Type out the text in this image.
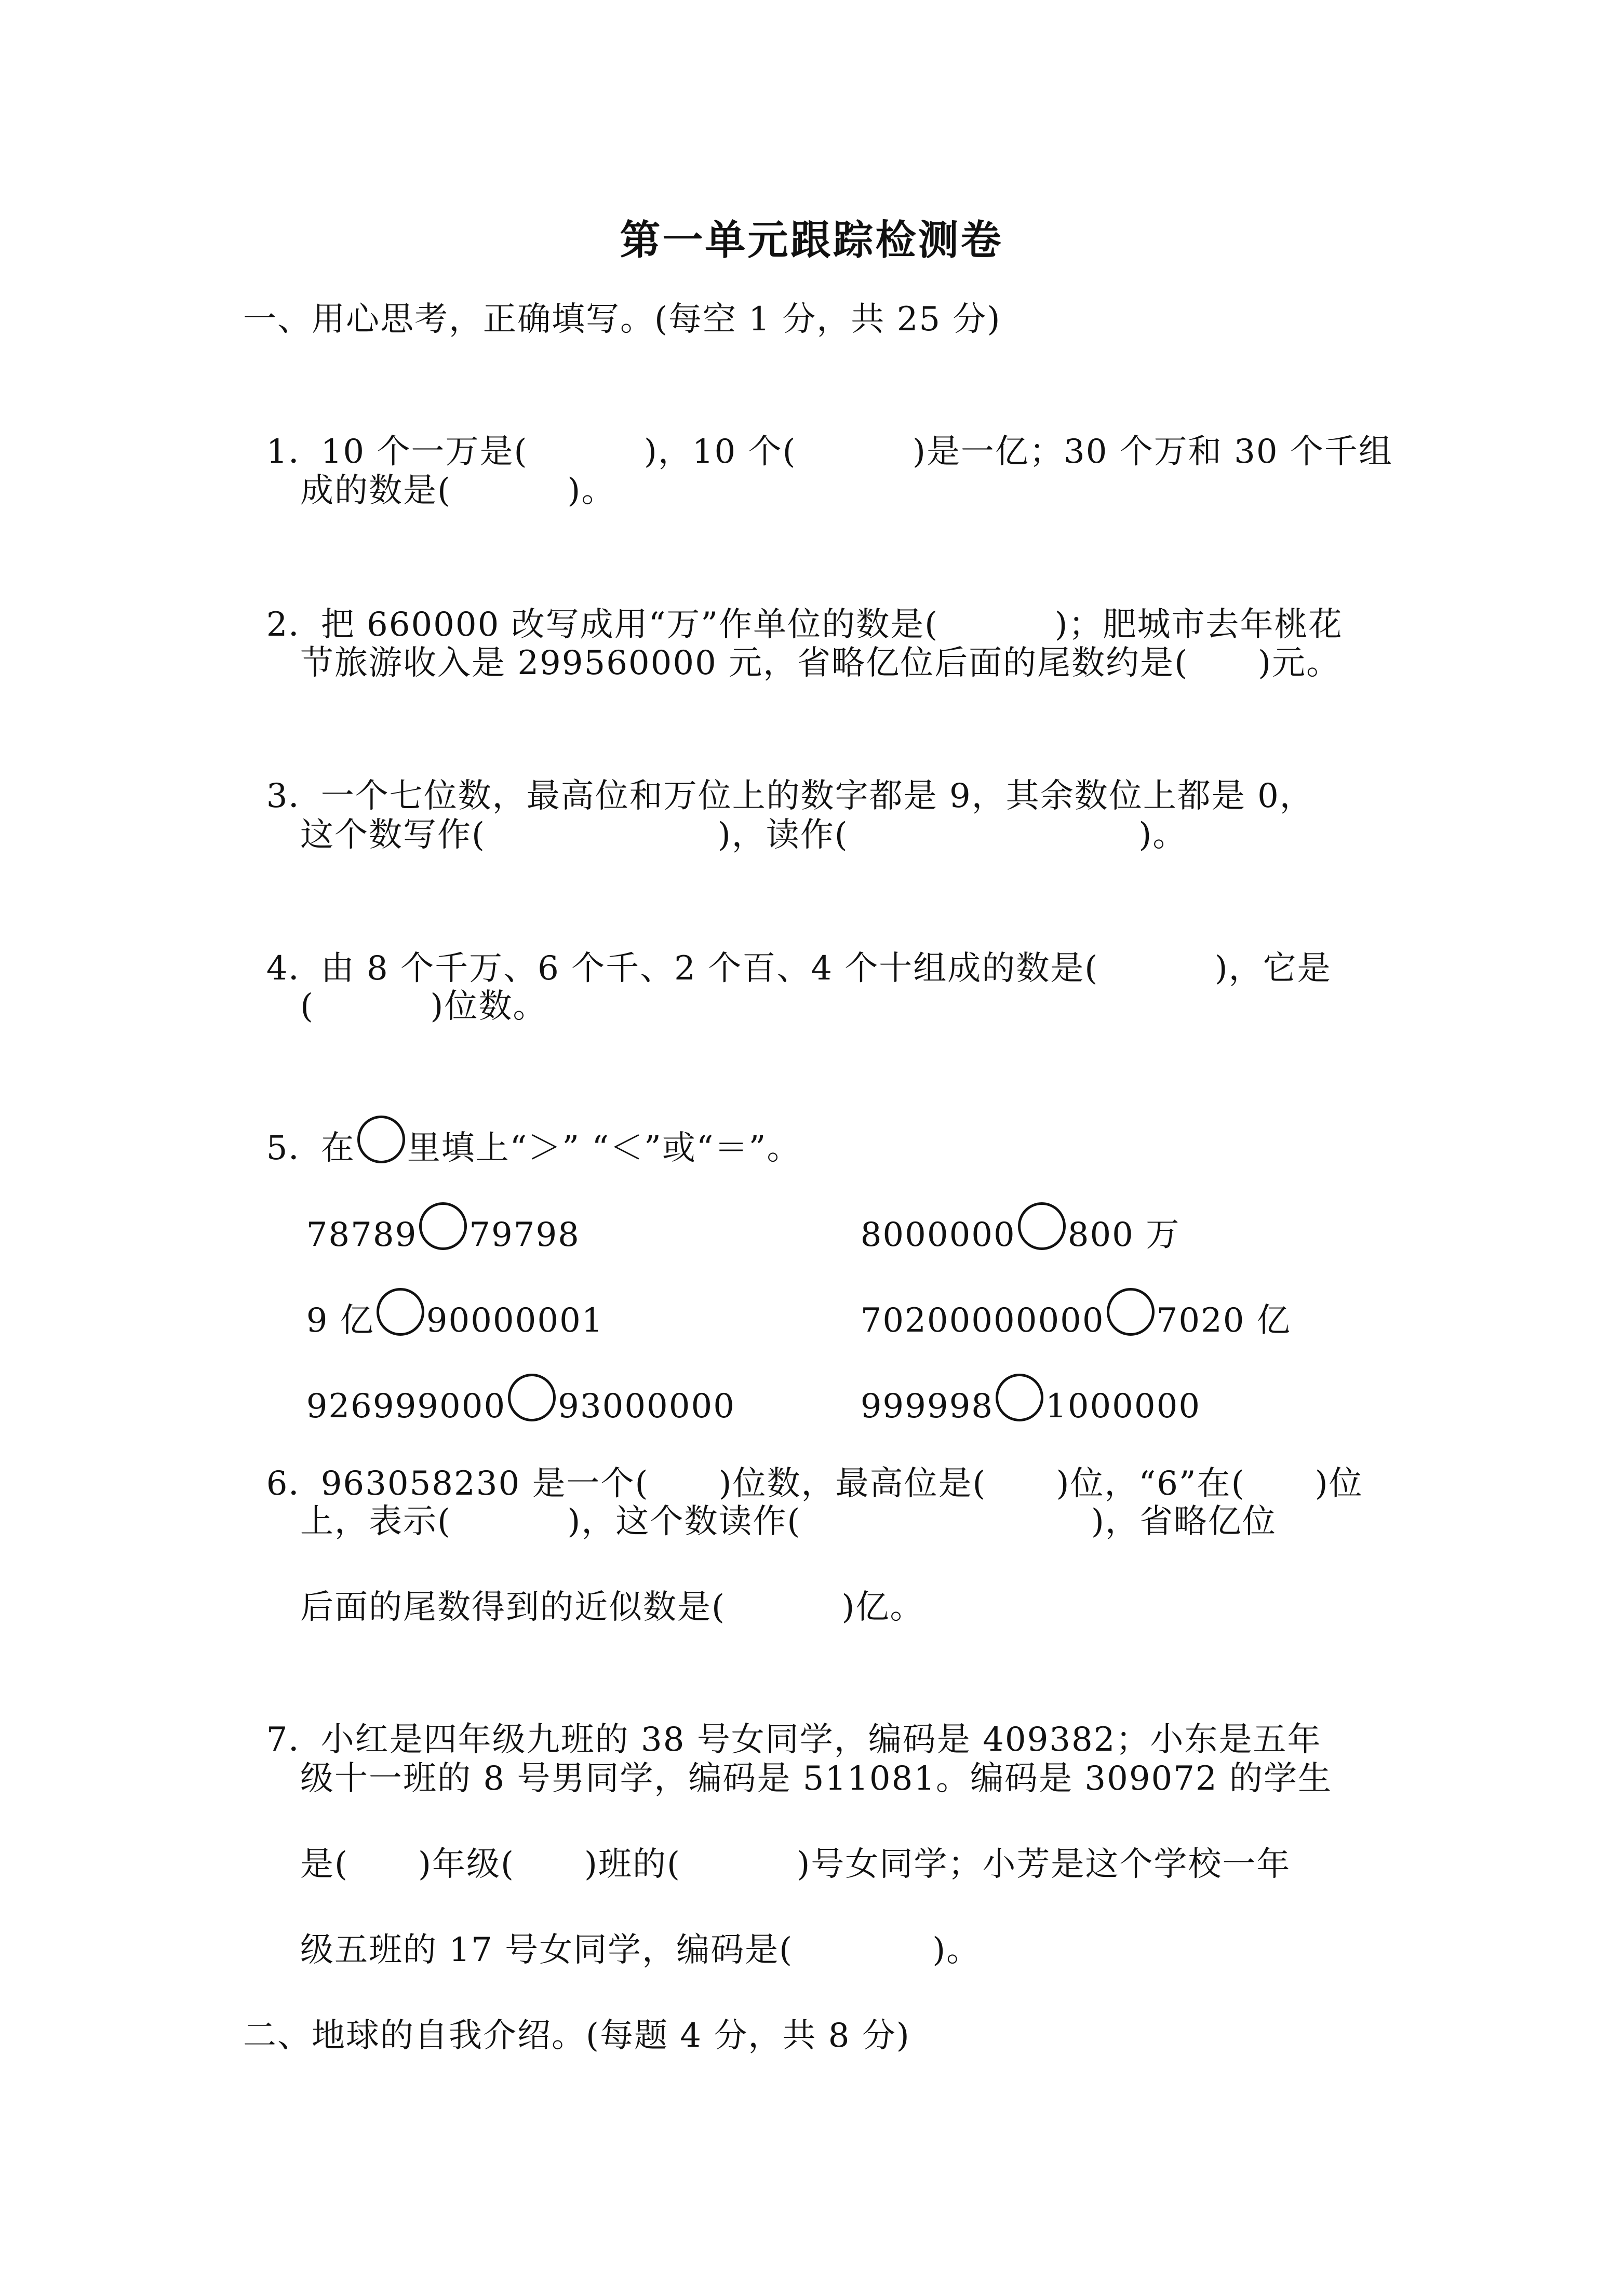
第一单元跟踪检测卷
一、用心思考，正确填写。(每空 1 分，共 25 分)

1．10 个一万是(          )，10 个(          )是一亿；30 个万和 30 个千组

成的数是(          )。

2．把 660000 改写成用“万”作单位的数是(          )；肥城市去年桃花

节旅游收入是 299560000 元，省略亿位后面的尾数约是(      )元。

3．一个七位数，最高位和万位上的数字都是 9，其余数位上都是 0，

这个数写作(                    )，读作(                         )。

4．由 8 个千万、6 个千、2 个百、4 个十组成的数是(          )，它是

(          )位数。

5．在 里填上“＞” “＜”或“＝”。

78789 79798	8000000 800 万

9 亿 90000001	70200000000 7020 亿

926999000 93000000	999998 1000000

6．963058230 是一个(      )位数，最高位是(      )位，“6”在(      )位

上，表示(          )，这个数读作(                         )，省略亿位
后面的尾数得到的近似数是(          )亿。

7．小红是四年级九班的 38 号女同学，编码是 409382；小东是五年

级十一班的 8 号男同学，编码是 511081。编码是 309072 的学生
是(      )年级(      )班的(          )号女同学；小芳是这个学校一年
级五班的 17 号女同学，编码是(            )。
二、地球的自我介绍。(每题 4 分，共 8 分)
